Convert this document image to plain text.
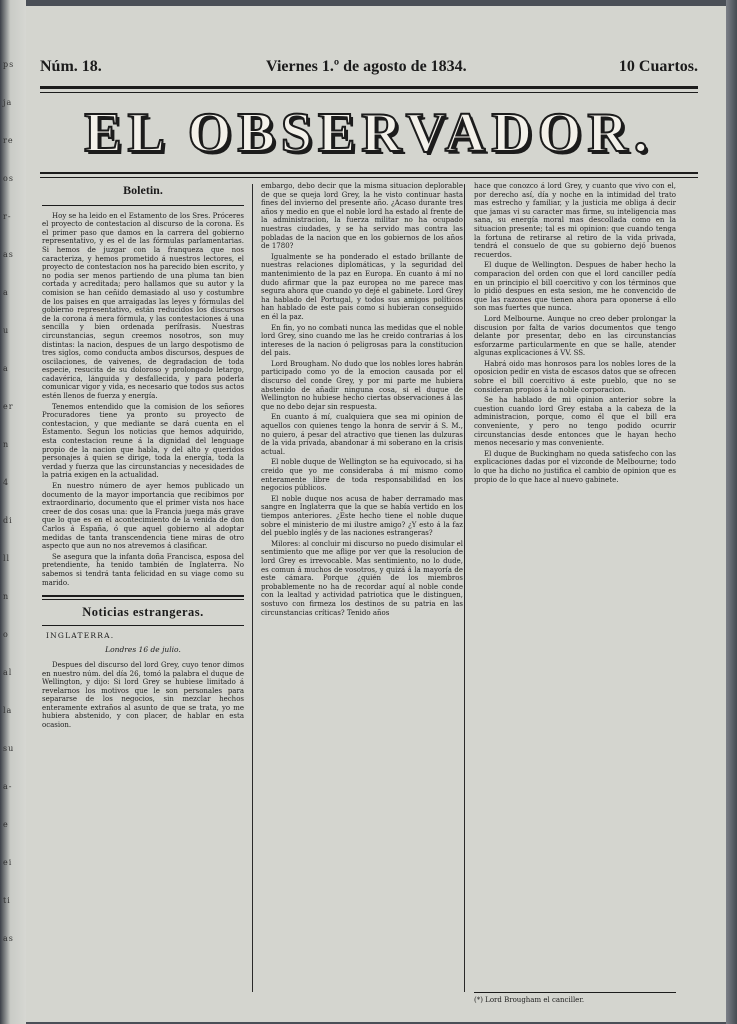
ps
ja
re
os
r-
as
a
u
a
er
n
4
di
ll
n
o
al
la
su
a-
e
ei
ti
as
Núm. 18.	Viernes 1.º de agosto de 1834.	10 Cuartos.
EL OBSERVADOR.
Boletin.

Hoy se ha leido en el Estamento de los Sres. Próceres el proyecto de contestacion al discurso de la corona. Es el primer paso que damos en la carrera del gobierno representativo, y es el de las fórmulas parlamentarias. Si hemos de juzgar con la franqueza que nos caracteriza, y hemos prometido á nuestros lectores, el proyecto de contestacion nos ha parecido bien escrito, y no podia ser menos partiendo de una pluma tan bien cortada y acreditada; pero hallamos que su autor y la comision se han ceñido demasiado al uso y costumbre de los paises en que arraigadas las leyes y fórmulas del gobierno representativo, están reducidos los discursos de la corona á mera fórmula, y las contestaciones á una sencilla y bien ordenada perífrasis. Nuestras circunstancias, segun creemos nosotros, son muy distintas: la nacion, despues de un largo despotismo de tres siglos, como conducta ambos discursos, despues de oscilaciones, de vaivenes, de degradacion de toda especie, resucita de su doloroso y prolongado letargo, cadavérica, lánguida y desfallecida, y para poderla comunicar vigor y vida, es necesario que todos sus actos estén llenos de fuerza y energía.

Tenemos entendido que la comision de los señores Procuradores tiene ya pronto su proyecto de contestacion, y que mediante se dará cuenta en el Estamento. Segun los noticias que hemos adquirido, esta contestacion reune á la dignidad del lenguage propio de la nacion que habla, y del alto y queridos personajes á quien se dirige, toda la energía, toda la verdad y fuerza que las circunstancias y necesidades de la patria exigen en la actualidad.

En nuestro número de ayer hemos publicado un documento de la mayor importancia que recibimos por extraordinario, documento que el primer vista nos hace creer de dos cosas una: que la Francia juega más grave que lo que es en el acontecimiento de la venida de don Carlos á España, ó que aquel gobierno al adoptar medidas de tanta transcendencia tiene miras de otro aspecto que aun no nos atrevemos á clasificar.

Se asegura que la infanta doña Francisca, esposa del pretendiente, ha tenido también de Inglaterra. No sabemos si tendrá tanta felicidad en su viage como su marido.

Noticias estrangeras.
INGLATERRA.
Londres 16 de julio.

Despues del discurso del lord Grey, cuyo tenor dimos en nuestro núm. del día 26, tomó la palabra el duque de Wellington, y dijo: Si lord Grey se hubiese limitado á revelarnos los motivos que le son personales para separarse de los negocios, sin mezclar hechos enteramente extraños al asunto de que se trata, yo me hubiera abstenido, y con placer, de hablar en esta ocasion.

embargo, debo decir que la misma situacion deplorable de que se queja lord Grey, la he visto continuar hasta fines del invierno del presente año. ¿Acaso durante tres años y medio en que el noble lord ha estado al frente de la administracion, la fuerza militar no ha ocupado nuestras ciudades, y se ha servido mas contra las pobladas de la nacion que en los gobiernos de los años de 1780?

Igualmente se ha ponderado el estado brillante de nuestras relaciones diplomáticas, y la seguridad del mantenimiento de la paz en Europa. En cuanto á mí no dudo afirmar que la paz europea no me parece mas segura ahora que cuando yo dejé el gabinete. Lord Grey ha hablado del Portugal, y todos sus amigos políticos han hablado de este pais como si hubieran conseguido en él la paz.

En fin, yo no combati nunca las medidas que el noble lord Grey, sino cuando me las he creido contrarias á los intereses de la nacion ó peligrosas para la constitucion del pais.

Lord Brougham. No dudo que los nobles lores habrán participado como yo de la emocion causada por el discurso del conde Grey, y por mi parte me hubiera abstenido de añadir ninguna cosa, si el duque de Wellington no hubiese hecho ciertas observaciones á las que no debo dejar sin respuesta.

En cuanto á mí, cualquiera que sea mi opinion de aquellos con quienes tengo la honra de servir á S. M., no quiero, á pesar del atractivo que tienen las dulzuras de la vida privada, abandonar á mi soberano en la crisis actual.

El noble duque de Wellington se ha equivocado, si ha creido que yo me consideraba á mí mismo como enteramente libre de toda responsabilidad en los negocios públicos.

El noble duque nos acusa de haber derramado mas sangre en Inglaterra que la que se había vertido en los tiempos anteriores. ¿Este hecho tiene el noble duque sobre el ministerio de mi ilustre amigo? ¿Y esto á la faz del pueblo inglés y de las naciones estrangeras?

Milores: al concluir mi discurso no puedo disimular el sentimiento que me aflige por ver que la resolucion de lord Grey es irrevocable. Mas sentimiento, no lo dude, es comun á muchos de vosotros, y quizá á la mayoría de este cámara. Porque ¿quién de los miembros probablemente no ha de recordar aquí al noble conde con la lealtad y actividad patriotica que le distinguen, sostuvo con firmeza los destinos de su patria en las circunstancias críticas? Tenido años

hace que conozco á lord Grey, y cuanto que vivo con el, por derecho así, día y noche en la intimidad del trato mas estrecho y familiar, y la justicia me obliga á decir que jamas vi su caracter mas firme, su inteligencia mas sana, su energía moral mas descollada como en la situacion presente; tal es mi opinion: que cuando tenga la fortuna de retirarse al retiro de la vida privada, tendrá el consuelo de que su gobierno dejó buenos recuerdos.

El duque de Wellington. Despues de haber hecho la comparacion del orden con que el lord canciller pedía en un principio el bill coercitivo y con los términos que lo pidió despues en esta sesion, me he convencido de que las razones que tienen ahora para oponerse á ello son mas fuertes que nunca.

Lord Melbourne. Aunque no creo deber prolongar la discusion por falta de varios documentos que tengo delante por presentar, debo en las circunstancias esforzarme particularmente en que se halle, atender algunas explicaciones á VV. SS.

Habrá oido mas honrosos para los nobles lores de la oposicion pedir en vista de escasos datos que se ofrecen sobre el bill coercitivo á este pueblo, que no se consideran propios á la noble corporacion.

Se ha hablado de mi opinion anterior sobre la cuestion cuando lord Grey estaba a la cabeza de la administracion, porque, como él que el bill era conveniente, y pero no tengo podido ocurrir circunstancias desde entonces que le hayan hecho menos necesario y mas conveniente.

El duque de Buckingham no queda satisfecho con las explicaciones dadas por el vizconde de Melbourne; todo lo que ha dicho no justifica el cambio de opinion que es propio de lo que hace al nuevo gabinete.

(*) Lord Brougham el canciller.
